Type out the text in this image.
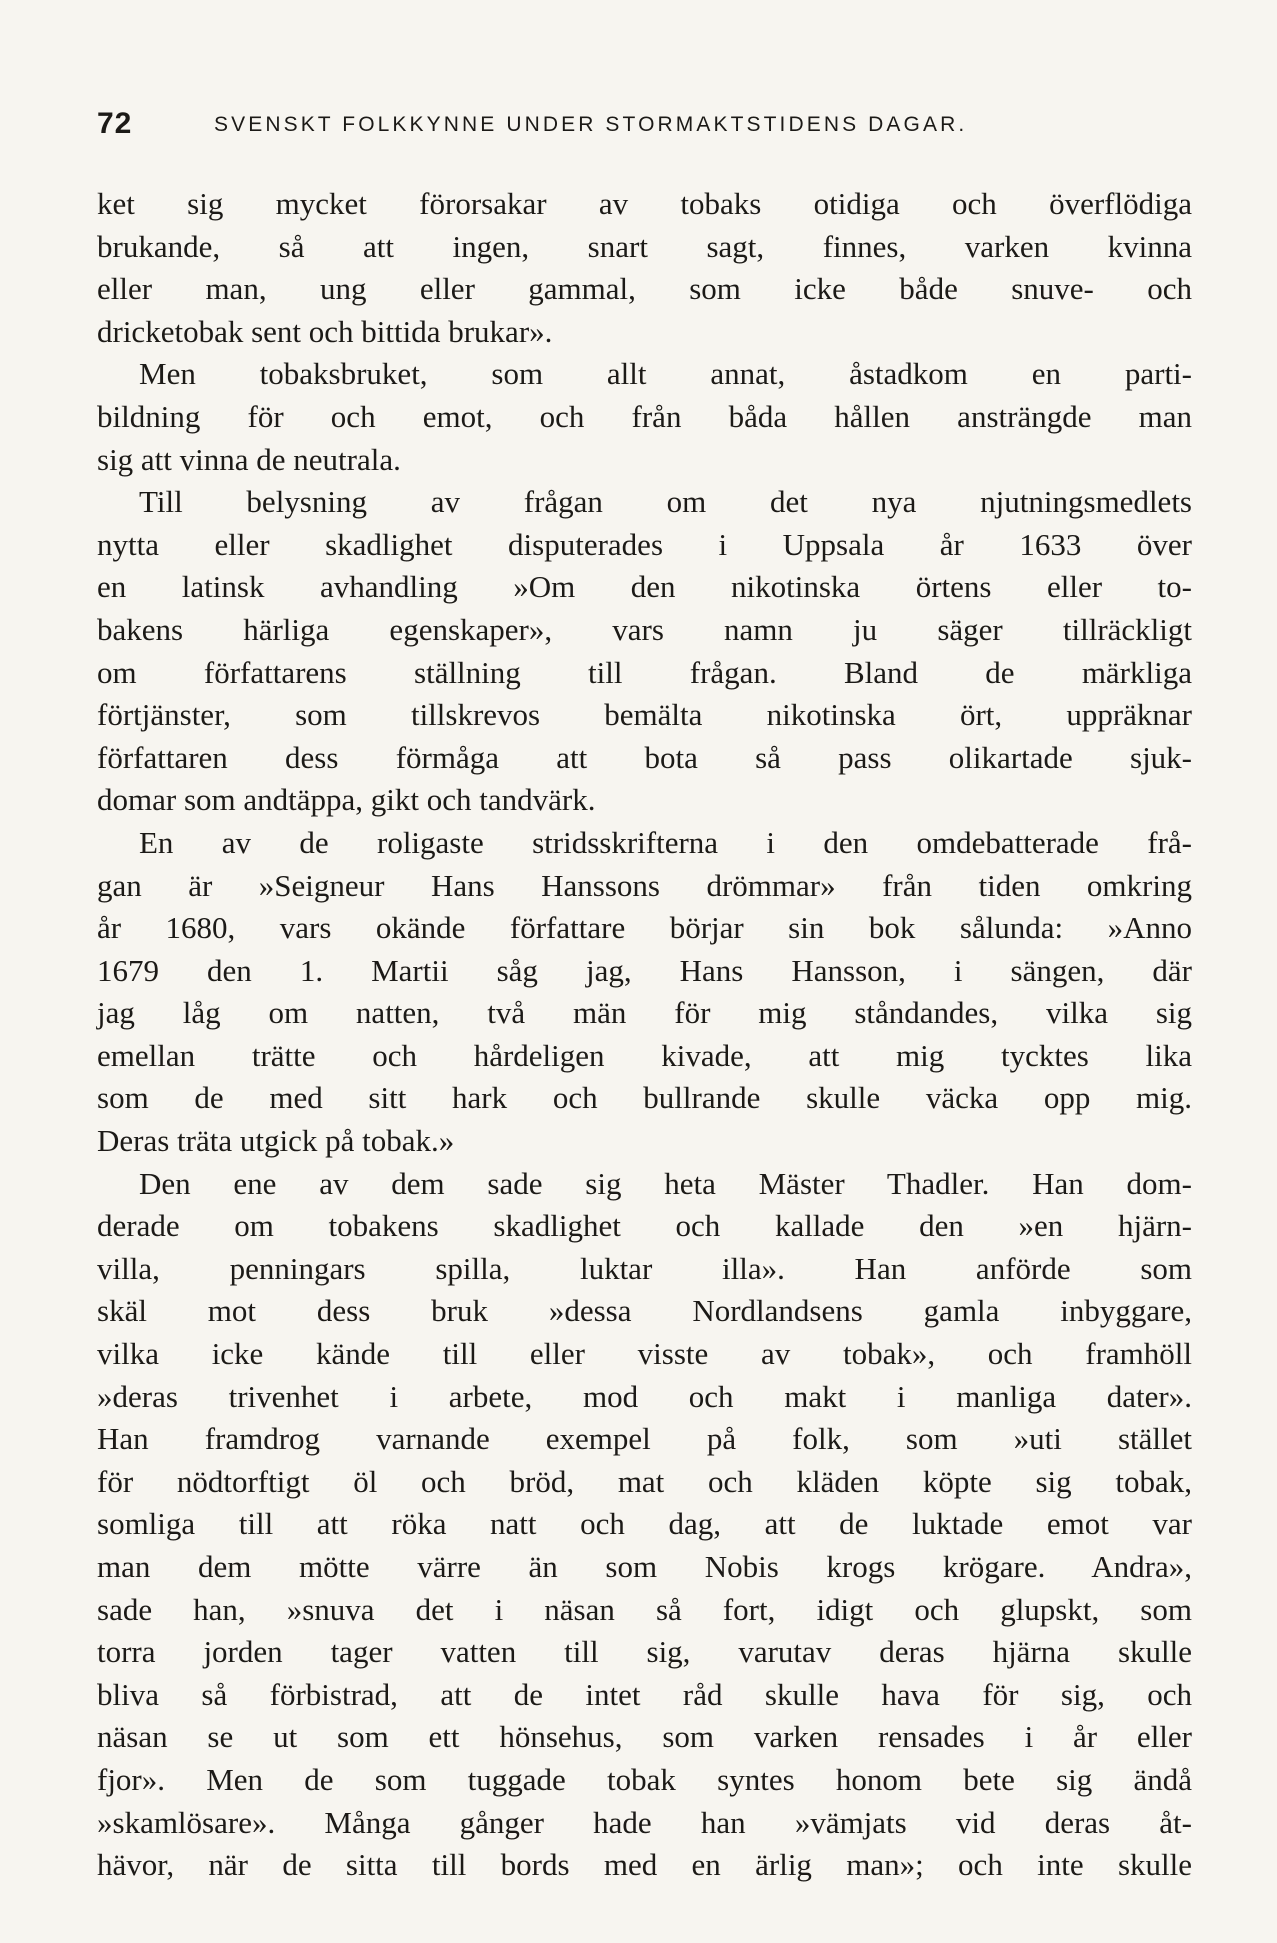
72	SVENSKT FOLKKYNNE UNDER STORMAKTSTIDENS DAGAR.

ket sig mycket förorsakar av tobaks otidiga och överflödiga
brukande, så att ingen, snart sagt, finnes, varken kvinna
eller man, ung eller gammal, som icke både snuve- och
dricketobak sent och bittida brukar».

Men tobaksbruket, som allt annat, åstadkom en parti-
bildning för och emot, och från båda hållen ansträngde man
sig att vinna de neutrala.

Till belysning av frågan om det nya njutningsmedlets
nytta eller skadlighet disputerades i Uppsala år 1633 över
en latinsk avhandling »Om den nikotinska örtens eller to-
bakens härliga egenskaper», vars namn ju säger tillräckligt
om författarens ställning till frågan. Bland de märkliga
förtjänster, som tillskrevos bemälta nikotinska ört, uppräknar
författaren dess förmåga att bota så pass olikartade sjuk-
domar som andtäppa, gikt och tandvärk.

En av de roligaste stridsskrifterna i den omdebatterade frå-
gan är »Seigneur Hans Hanssons drömmar» från tiden omkring
år 1680, vars okände författare börjar sin bok sålunda: »Anno
1679 den 1. Martii såg jag, Hans Hansson, i sängen, där
jag låg om natten, två män för mig ståndandes, vilka sig
emellan trätte och hårdeligen kivade, att mig tycktes lika
som de med sitt hark och bullrande skulle väcka opp mig.
Deras träta utgick på tobak.»

Den ene av dem sade sig heta Mäster Thadler. Han dom-
derade om tobakens skadlighet och kallade den »en hjärn-
villa, penningars spilla, luktar illa». Han anförde som
skäl mot dess bruk »dessa Nordlandsens gamla inbyggare,
vilka icke kände till eller visste av tobak», och framhöll
»deras trivenhet i arbete, mod och makt i manliga dater».
Han framdrog varnande exempel på folk, som »uti stället
för nödtorftigt öl och bröd, mat och kläden köpte sig tobak,
somliga till att röka natt och dag, att de luktade emot var
man dem mötte värre än som Nobis krogs krögare. Andra»,
sade han, »snuva det i näsan så fort, idigt och glupskt, som
torra jorden tager vatten till sig, varutav deras hjärna skulle
bliva så förbistrad, att de intet råd skulle hava för sig, och
näsan se ut som ett hönsehus, som varken rensades i år eller
fjor». Men de som tuggade tobak syntes honom bete sig ändå
»skamlösare». Många gånger hade han »vämjats vid deras åt-
hävor, när de sitta till bords med en ärlig man»; och inte skulle
